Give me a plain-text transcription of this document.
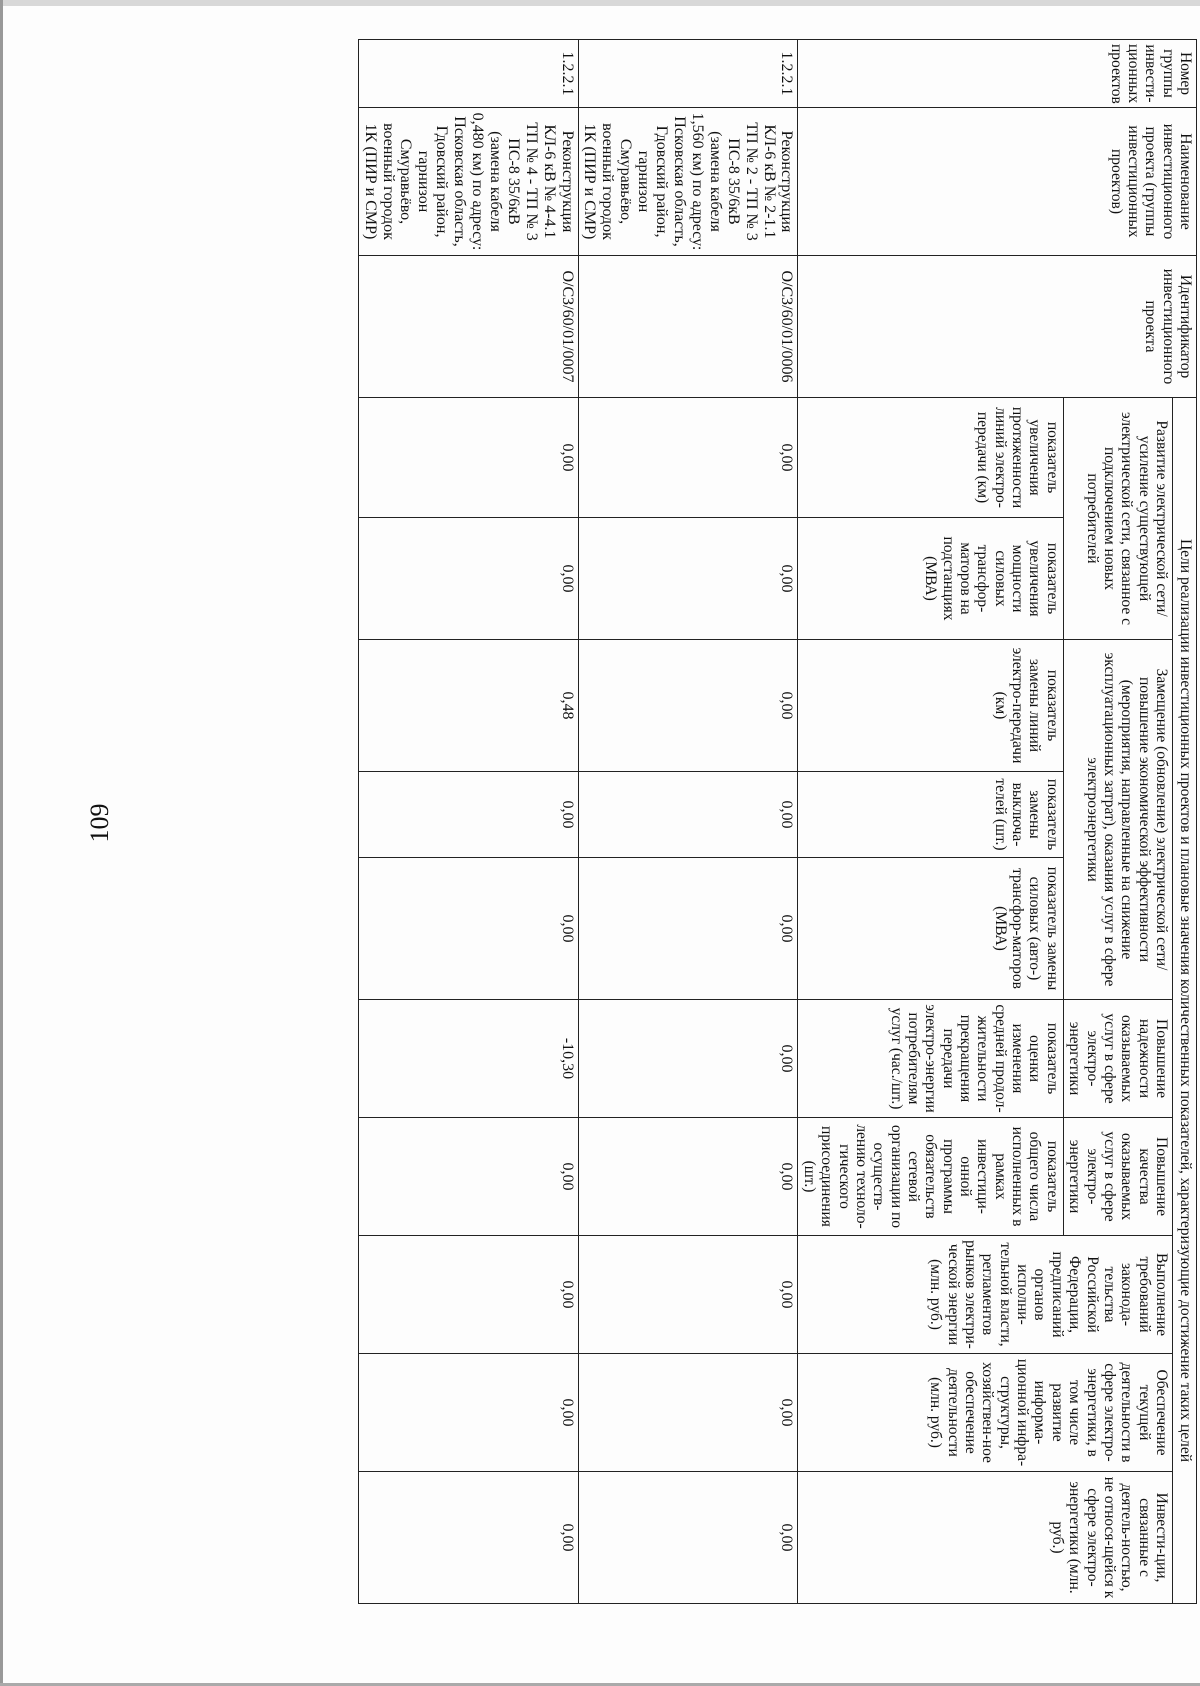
109
Номер группы инвести-ционных проектов	Наименование инвестиционного проекта (группы инвестиционных проектов)	Идентификатор инвестиционного проекта	Цели реализации инвестиционных проектов и плановые значения количественных показателей, характеризующие достижение таких целей									
			Развитие электрической сети/усиление существующей электрической сети, связанное с подключением новых потребителей		Замещение (обновление) электрической сети/повышение экономической эффективности (мероприятия, направленные на снижение эксплуатационных затрат), оказания услуг в сфере электроэнергетики			Повышение надежности оказываемых услуг в сфере электро-энергетики	Повышение качества оказываемых услуг в сфере электро-энергетики	Выполнение требований законода-тельства Российской Федерации, предписаний органов исполни-тельной власти, регламентов рынков электри-ческой энергии (млн. руб.)	Обеспечение текущей деятельности в сфере электро-энергетики, в том числе развитие информа-ционной инфра-структуры, хозяйствен-ное обеспечение деятельности (млн. руб.)	Инвести-ции, связанные с деятель-ностью, не относя-щейся к сфере электро-энергетики (млн. руб.)
			показатель увеличения протяженности линий электро-передачи (км)	показатель увеличения мощности силовых трансфор-маторов на подстанциях (МВА)	показатель замены линий электро-передачи (км)	показатель замены выключа-телей (шт.)	показатель замены силовых (авто-) трансфор-маторов (МВА)	показатель оценки изменения средней продол-жительности прекращения передачи электро-энергии потребителям услуг (час./шт.)	показатель общего числа исполненных в рамках инвестици-онной программы обязательств сетевой организации по осуществ-лению техноло-гического присоединения (шт.)			
1.2.2.1	Реконструкция КЛ-6 кВ № 2-1.1 ТП № 2 - ТП № 3 ПС-8 35/6кВ (замена кабеля 1,560 км) по адресу: Псковская область, Гдовский район, гарнизон Смуравьёво, военный городок 1К (ПИР и СМР)	О/СЗ/60/01/0006	0,00	0,00	0,00	0,00	0,00	0,00	0,00	0,00	0,00	0,00
1.2.2.1	Реконструкция КЛ-6 кВ № 4-4.1 ТП № 4 - ТП № 3 ПС-8 35/6кВ (замена кабеля 0,480 км) по адресу: Псковская область, Гдовский район, гарнизон Смуравьёво, военный городок 1К (ПИР и СМР)	О/СЗ/60/01/0007	0,00	0,00	0,48	0,00	0,00	-10,30	0,00	0,00	0,00	0,00
